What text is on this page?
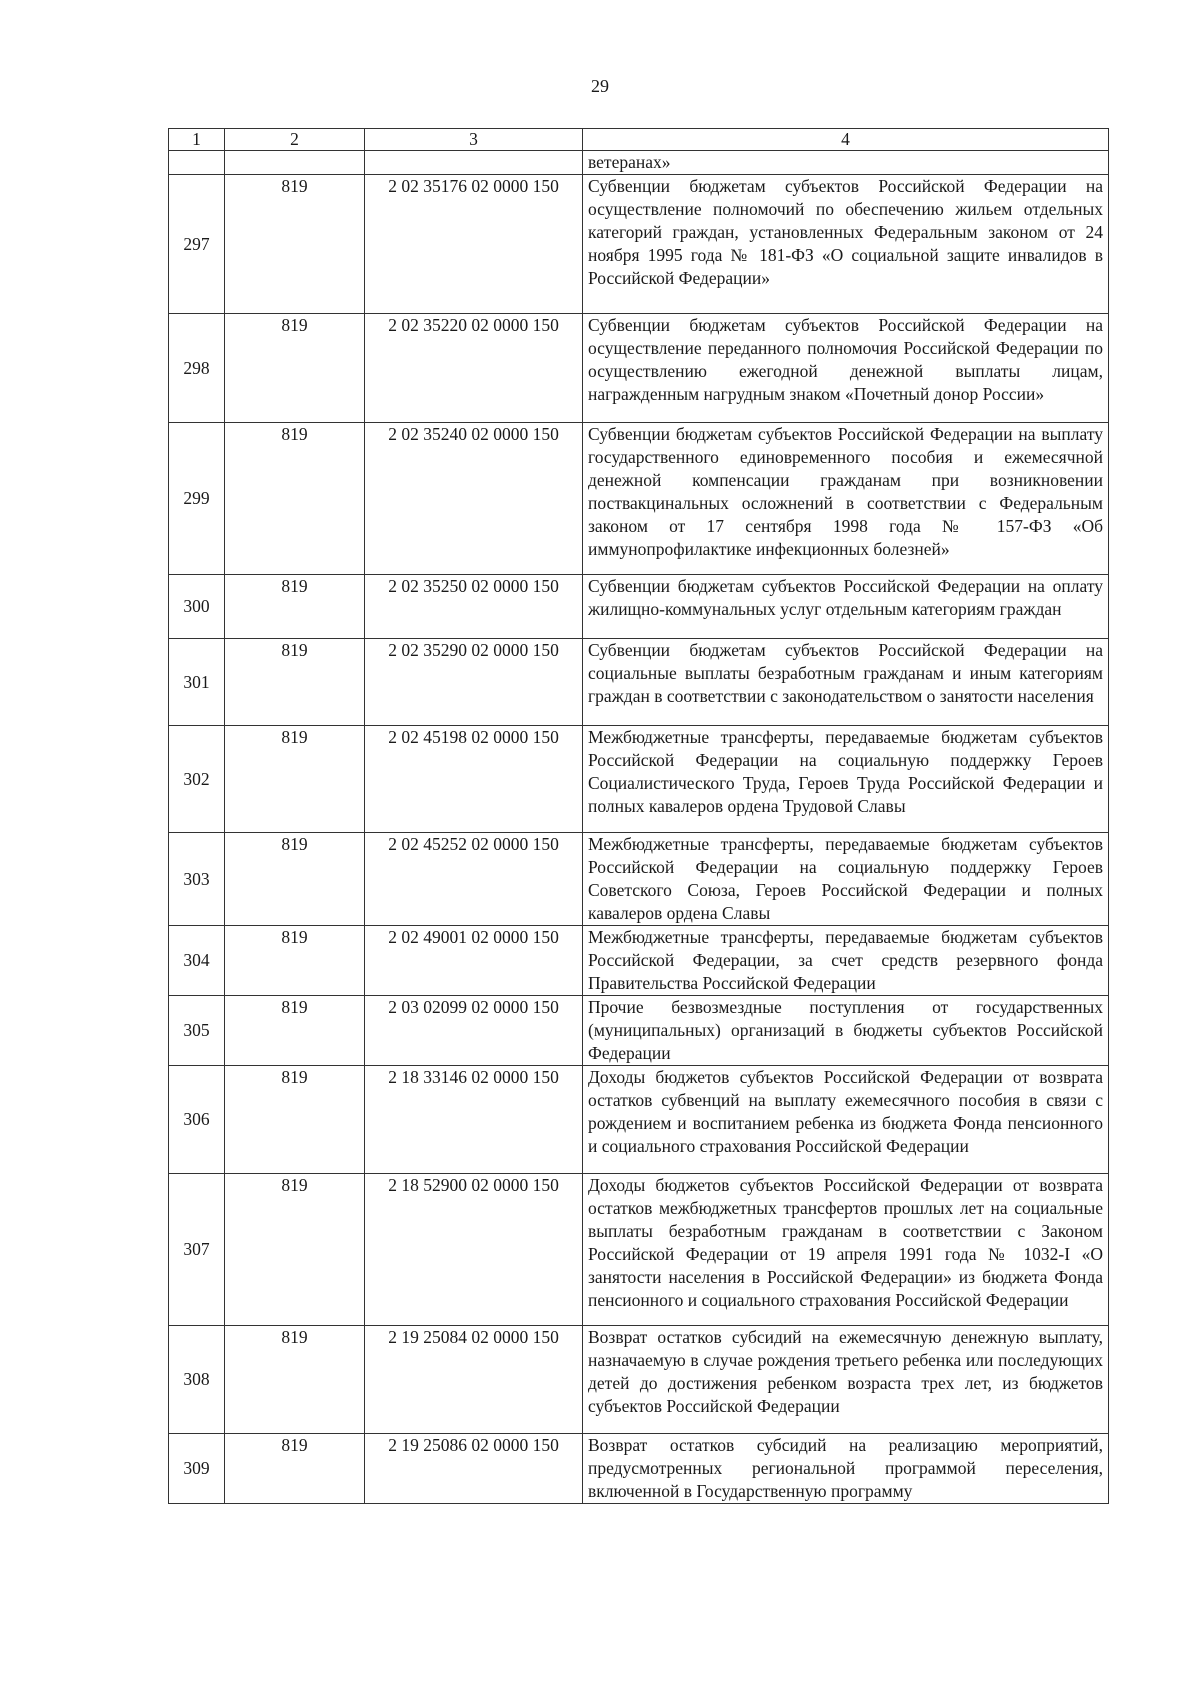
29
1	2	3	4
			ветеранах»
297	819	2 02 35176 02 0000 150	Субвенции бюджетам субъектов Российской Федерации на осуществление полномочий по обеспечению жильем отдельных категорий граждан, установленных Федеральным законом от 24 ноября 1995 года № 181-ФЗ «О социальной защите инвалидов в Российской Федерации»
298	819	2 02 35220 02 0000 150	Субвенции бюджетам субъектов Российской Федерации на осуществление переданного полномочия Российской Федерации по осуществлению ежегодной денежной выплаты лицам, награжденным нагрудным знаком «Почетный донор России»
299	819	2 02 35240 02 0000 150	Субвенции бюджетам субъектов Российской Федерации на выплату государственного единовременного пособия и ежемесячной денежной компенсации гражданам при возникновении поствакцинальных осложнений в соответствии с Федеральным законом от 17 сентября 1998 года № 157-ФЗ «Об иммунопрофилактике инфекционных болезней»
300	819	2 02 35250 02 0000 150	Субвенции бюджетам субъектов Российской Федерации на оплату жилищно-коммунальных услуг отдельным категориям граждан
301	819	2 02 35290 02 0000 150	Субвенции бюджетам субъектов Российской Федерации на социальные выплаты безработным гражданам и иным категориям граждан в соответствии с законодательством о занятости населения
302	819	2 02 45198 02 0000 150	Межбюджетные трансферты, передаваемые бюджетам субъектов Российской Федерации на социальную поддержку Героев Социалистического Труда, Героев Труда Российской Федерации и полных кавалеров ордена Трудовой Славы
303	819	2 02 45252 02 0000 150	Межбюджетные трансферты, передаваемые бюджетам субъектов Российской Федерации на социальную поддержку Героев Советского Союза, Героев Российской Федерации и полных кавалеров ордена Славы
304	819	2 02 49001 02 0000 150	Межбюджетные трансферты, передаваемые бюджетам субъектов Российской Федерации, за счет средств резервного фонда Правительства Российской Федерации
305	819	2 03 02099 02 0000 150	Прочие безвозмездные поступления от государственных (муниципальных) организаций в бюджеты субъектов Российской Федерации
306	819	2 18 33146 02 0000 150	Доходы бюджетов субъектов Российской Федерации от возврата остатков субвенций на выплату ежемесячного пособия в связи с рождением и воспитанием ребенка из бюджета Фонда пенсионного и социального страхования Российской Федерации
307	819	2 18 52900 02 0000 150	Доходы бюджетов субъектов Российской Федерации от возврата остатков межбюджетных трансфертов прошлых лет на социальные выплаты безработным гражданам в соответствии с Законом Российской Федерации от 19 апреля 1991 года № 1032-I «О занятости населения в Российской Федерации» из бюджета Фонда пенсионного и социального страхования Российской Федерации
308	819	2 19 25084 02 0000 150	Возврат остатков субсидий на ежемесячную денежную выплату, назначаемую в случае рождения третьего ребенка или последующих детей до достижения ребенком возраста трех лет, из бюджетов субъектов Российской Федерации
309	819	2 19 25086 02 0000 150	Возврат остатков субсидий на реализацию мероприятий, предусмотренных региональной программой переселения, включенной в Государственную программу
